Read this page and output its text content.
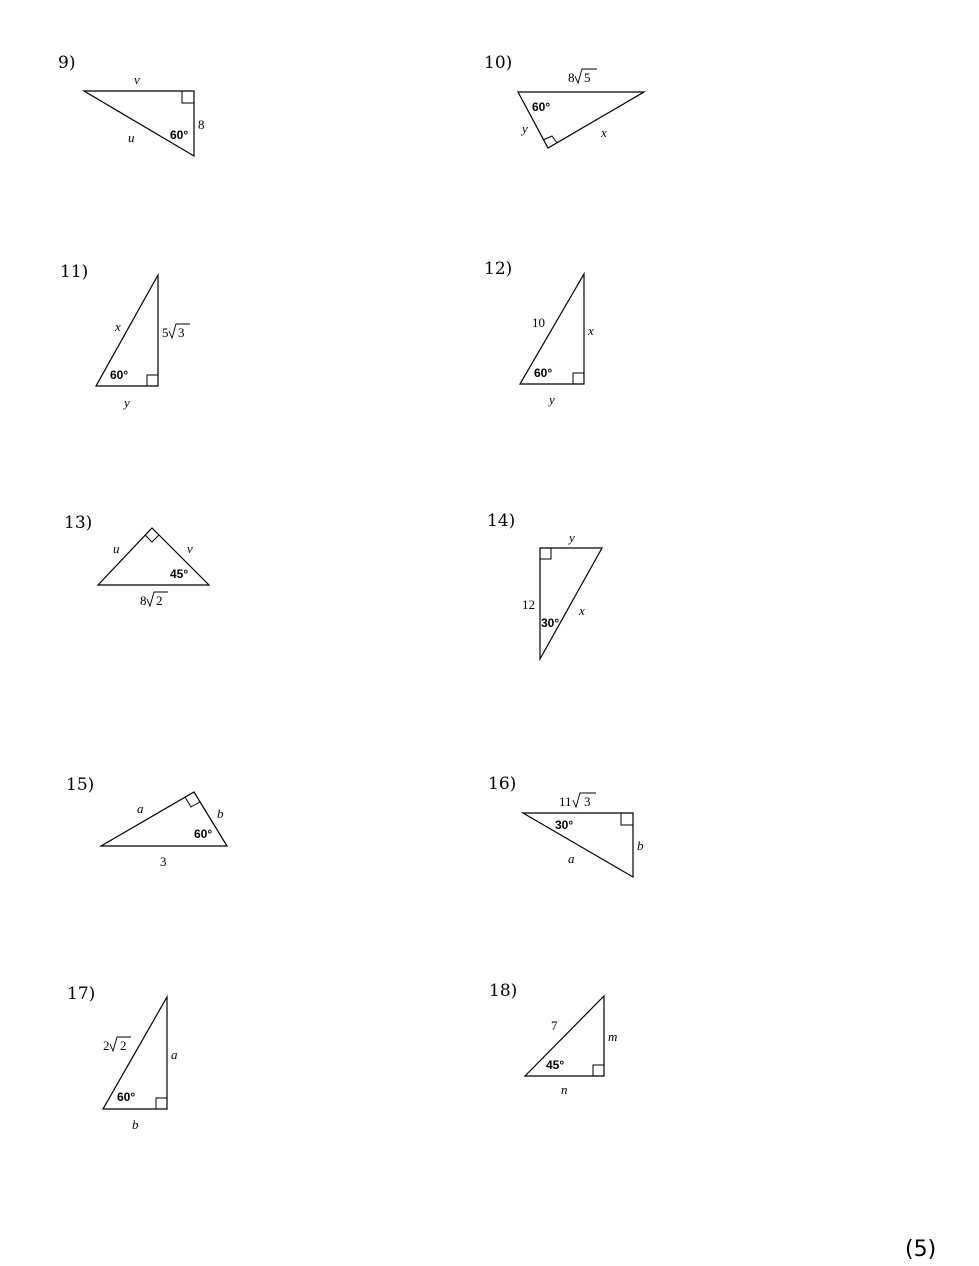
9)
v
u
8
60°
10)
8 5
y	x
60°
11)
x	5 3
y
60°
12)
10
x
y
60°
13)
u	v
8 2
45°
14)
y
12	x
30°
15)
a	b
3
60°
16)
11 3
b
a
30°
17)
2 2
a
b
60°
18)
7
m
n
45°
(5)
